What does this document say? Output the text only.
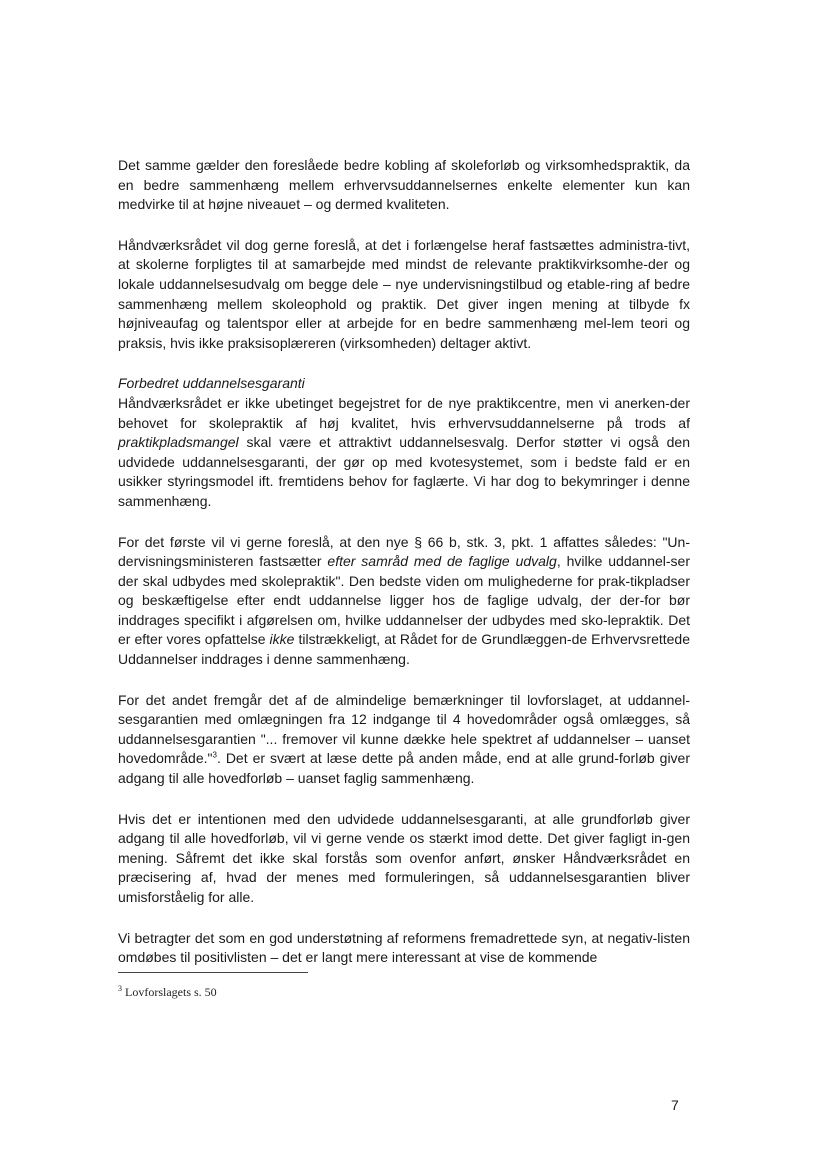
Det samme gælder den foreslåede bedre kobling af skoleforløb og virksomhedspraktik, da en bedre sammenhæng mellem erhvervsuddannelsernes enkelte elementer kun kan medvirke til at højne niveauet – og dermed kvaliteten.

Håndværksrådet vil dog gerne foreslå, at det i forlængelse heraf fastsættes administra-tivt, at skolerne forpligtes til at samarbejde med mindst de relevante praktikvirksomhe-der og lokale uddannelsesudvalg om begge dele – nye undervisningstilbud og etable-ring af bedre sammenhæng mellem skoleophold og praktik. Det giver ingen mening at tilbyde fx højniveaufag og talentspor eller at arbejde for en bedre sammenhæng mel-lem teori og praksis, hvis ikke praksisoplæreren (virksomheden) deltager aktivt.

Forbedret uddannelsesgaranti

Håndværksrådet er ikke ubetinget begejstret for de nye praktikcentre, men vi anerken-der behovet for skolepraktik af høj kvalitet, hvis erhvervsuddannelserne på trods af praktikpladsmangel skal være et attraktivt uddannelsesvalg. Derfor støtter vi også den udvidede uddannelsesgaranti, der gør op med kvotesystemet, som i bedste fald er en usikker styringsmodel ift. fremtidens behov for faglærte. Vi har dog to bekymringer i denne sammenhæng.

For det første vil vi gerne foreslå, at den nye § 66 b, stk. 3, pkt. 1 affattes således: "Un-dervisningsministeren fastsætter efter samråd med de faglige udvalg, hvilke uddannel-ser der skal udbydes med skolepraktik". Den bedste viden om mulighederne for prak-tikpladser og beskæftigelse efter endt uddannelse ligger hos de faglige udvalg, der der-for bør inddrages specifikt i afgørelsen om, hvilke uddannelser der udbydes med sko-lepraktik. Det er efter vores opfattelse ikke tilstrækkeligt, at Rådet for de Grundlæggen-de Erhvervsrettede Uddannelser inddrages i denne sammenhæng.

For det andet fremgår det af de almindelige bemærkninger til lovforslaget, at uddannel-sesgarantien med omlægningen fra 12 indgange til 4 hovedområder også omlægges, så uddannelsesgarantien "... fremover vil kunne dække hele spektret af uddannelser – uanset hovedområde."$^3$. Det er svært at læse dette på anden måde, end at alle grund-forløb giver adgang til alle hovedforløb – uanset faglig sammenhæng.

Hvis det er intentionen med den udvidede uddannelsesgaranti, at alle grundforløb giver adgang til alle hovedforløb, vil vi gerne vende os stærkt imod dette. Det giver fagligt in-gen mening. Såfremt det ikke skal forstås som ovenfor anført, ønsker Håndværksrådet en præcisering af, hvad der menes med formuleringen, så uddannelsesgarantien bliver umisforståelig for alle.

Vi betragter det som en god understøtning af reformens fremadrettede syn, at negativ-listen omdøbes til positivlisten – det er langt mere interessant at vise de kommende

$^3$ Lovforslagets s. 50
7
